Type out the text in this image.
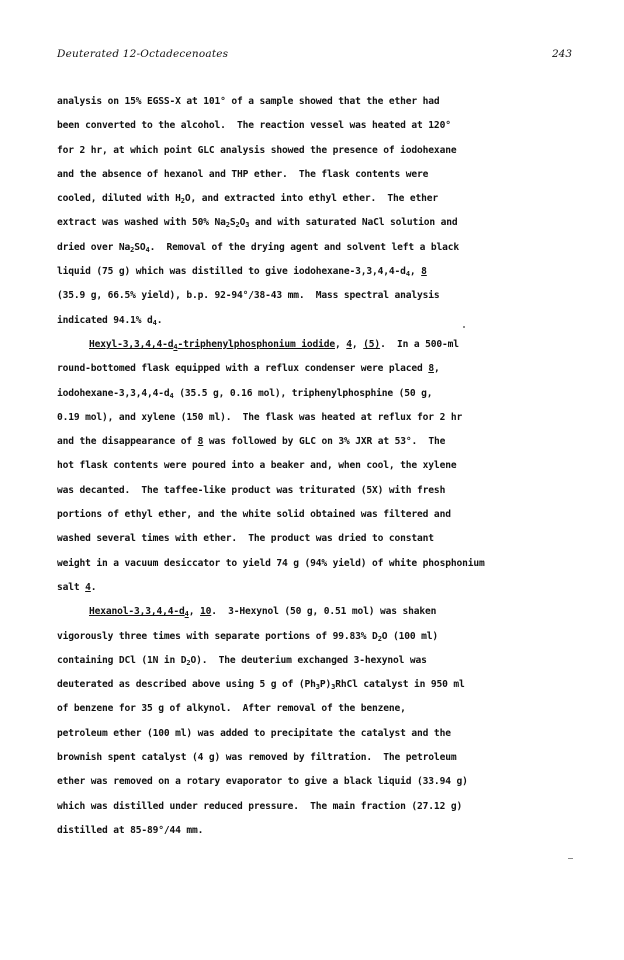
Deuterated 12-Octadecenoates	243
analysis on 15% EGSS-X at 101° of a sample showed that the ether had
been converted to the alcohol.  The reaction vessel was heated at 120°
for 2 hr, at which point GLC analysis showed the presence of iodohexane
and the absence of hexanol and THP ether.  The flask contents were
cooled, diluted with $H_2O$, and extracted into ethyl ether.  The ether
extract was washed with 50% $Na_2S_2O_3$ and with saturated NaCl solution and
dried over $Na_2SO_4$.  Removal of the drying agent and solvent left a black
liquid (75 g) which was distilled to give iodohexane-$3,3,4,4-d_4$, 8
(35.9 g, 66.5% yield), b.p. 92-94°/38-43 mm.  Mass spectral analysis
indicated 94.1% $d_4$.
Hexyl-$3,3,4,4-d_4$-triphenylphosphonium iodide, 4, (5).  In a 500-ml
round-bottomed flask equipped with a reflux condenser were placed 8,
iodohexane-$3,3,4,4-d_4$ (35.5 g, 0.16 mol), triphenylphosphine (50 g,
0.19 mol), and xylene (150 ml).  The flask was heated at reflux for 2 hr
and the disappearance of 8 was followed by GLC on 3% JXR at 53°.  The
hot flask contents were poured into a beaker and, when cool, the xylene
was decanted.  The taffee-like product was triturated (5X) with fresh
portions of ethyl ether, and the white solid obtained was filtered and
washed several times with ether.  The product was dried to constant
weight in a vacuum desiccator to yield 74 g (94% yield) of white phosphonium
salt 4.
Hexanol-$3,3,4,4-d_4$, 10.  3-Hexynol (50 g, 0.51 mol) was shaken
vigorously three times with separate portions of 99.83% $D_2O$ (100 ml)
containing DCl (1N in $D_2O$).  The deuterium exchanged 3-hexynol was
deuterated as described above using 5 g of $(Ph_3P)_3RhCl$ catalyst in 950 ml
of benzene for 35 g of alkynol.  After removal of the benzene,
petroleum ether (100 ml) was added to precipitate the catalyst and the
brownish spent catalyst (4 g) was removed by filtration.  The petroleum
ether was removed on a rotary evaporator to give a black liquid (33.94 g)
which was distilled under reduced pressure.  The main fraction (27.12 g)
distilled at 85-89°/44 mm.
